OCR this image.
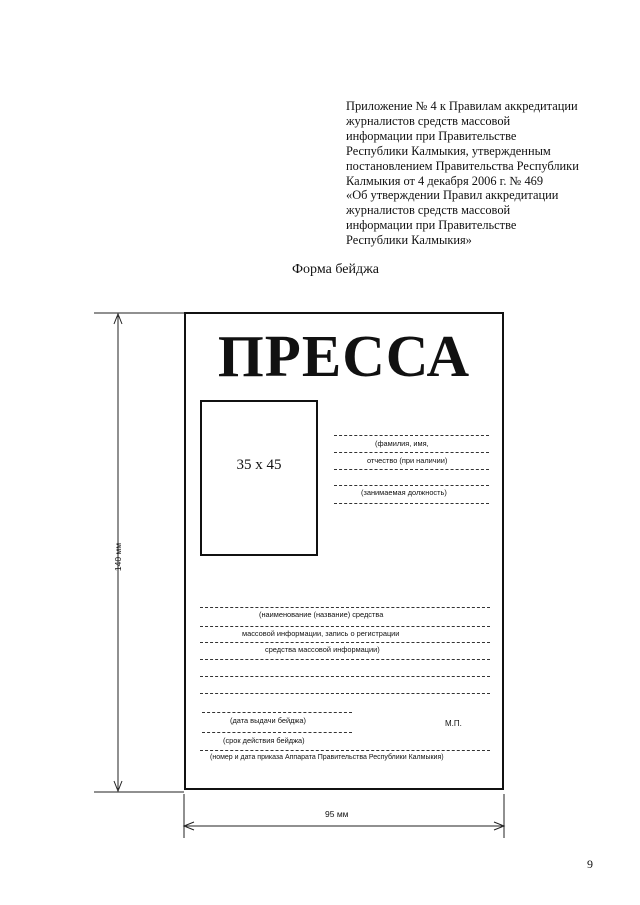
Приложение № 4 к Правилам аккредитации
журналистов средств массовой
информации при Правительстве
Республики Калмыкия, утвержденным
постановлением Правительства Республики
Калмыкия от 4 декабря 2006 г. № 469
«Об утверждении Правил аккредитации
журналистов средств массовой
информации при Правительстве
Республики Калмыкия»
Форма бейджа
140 мм
95 мм
ПРЕССА
35 х 45
(фамилия, имя,
отчество (при наличии)
(занимаемая должность)
(наименование (название) средства
массовой информации, запись о регистрации
средства массовой информации)
(дата выдачи бейджа)	М.П.
(срок действия бейджа)
(номер и дата приказа Аппарата Правительства Республики Калмыкия)
9
